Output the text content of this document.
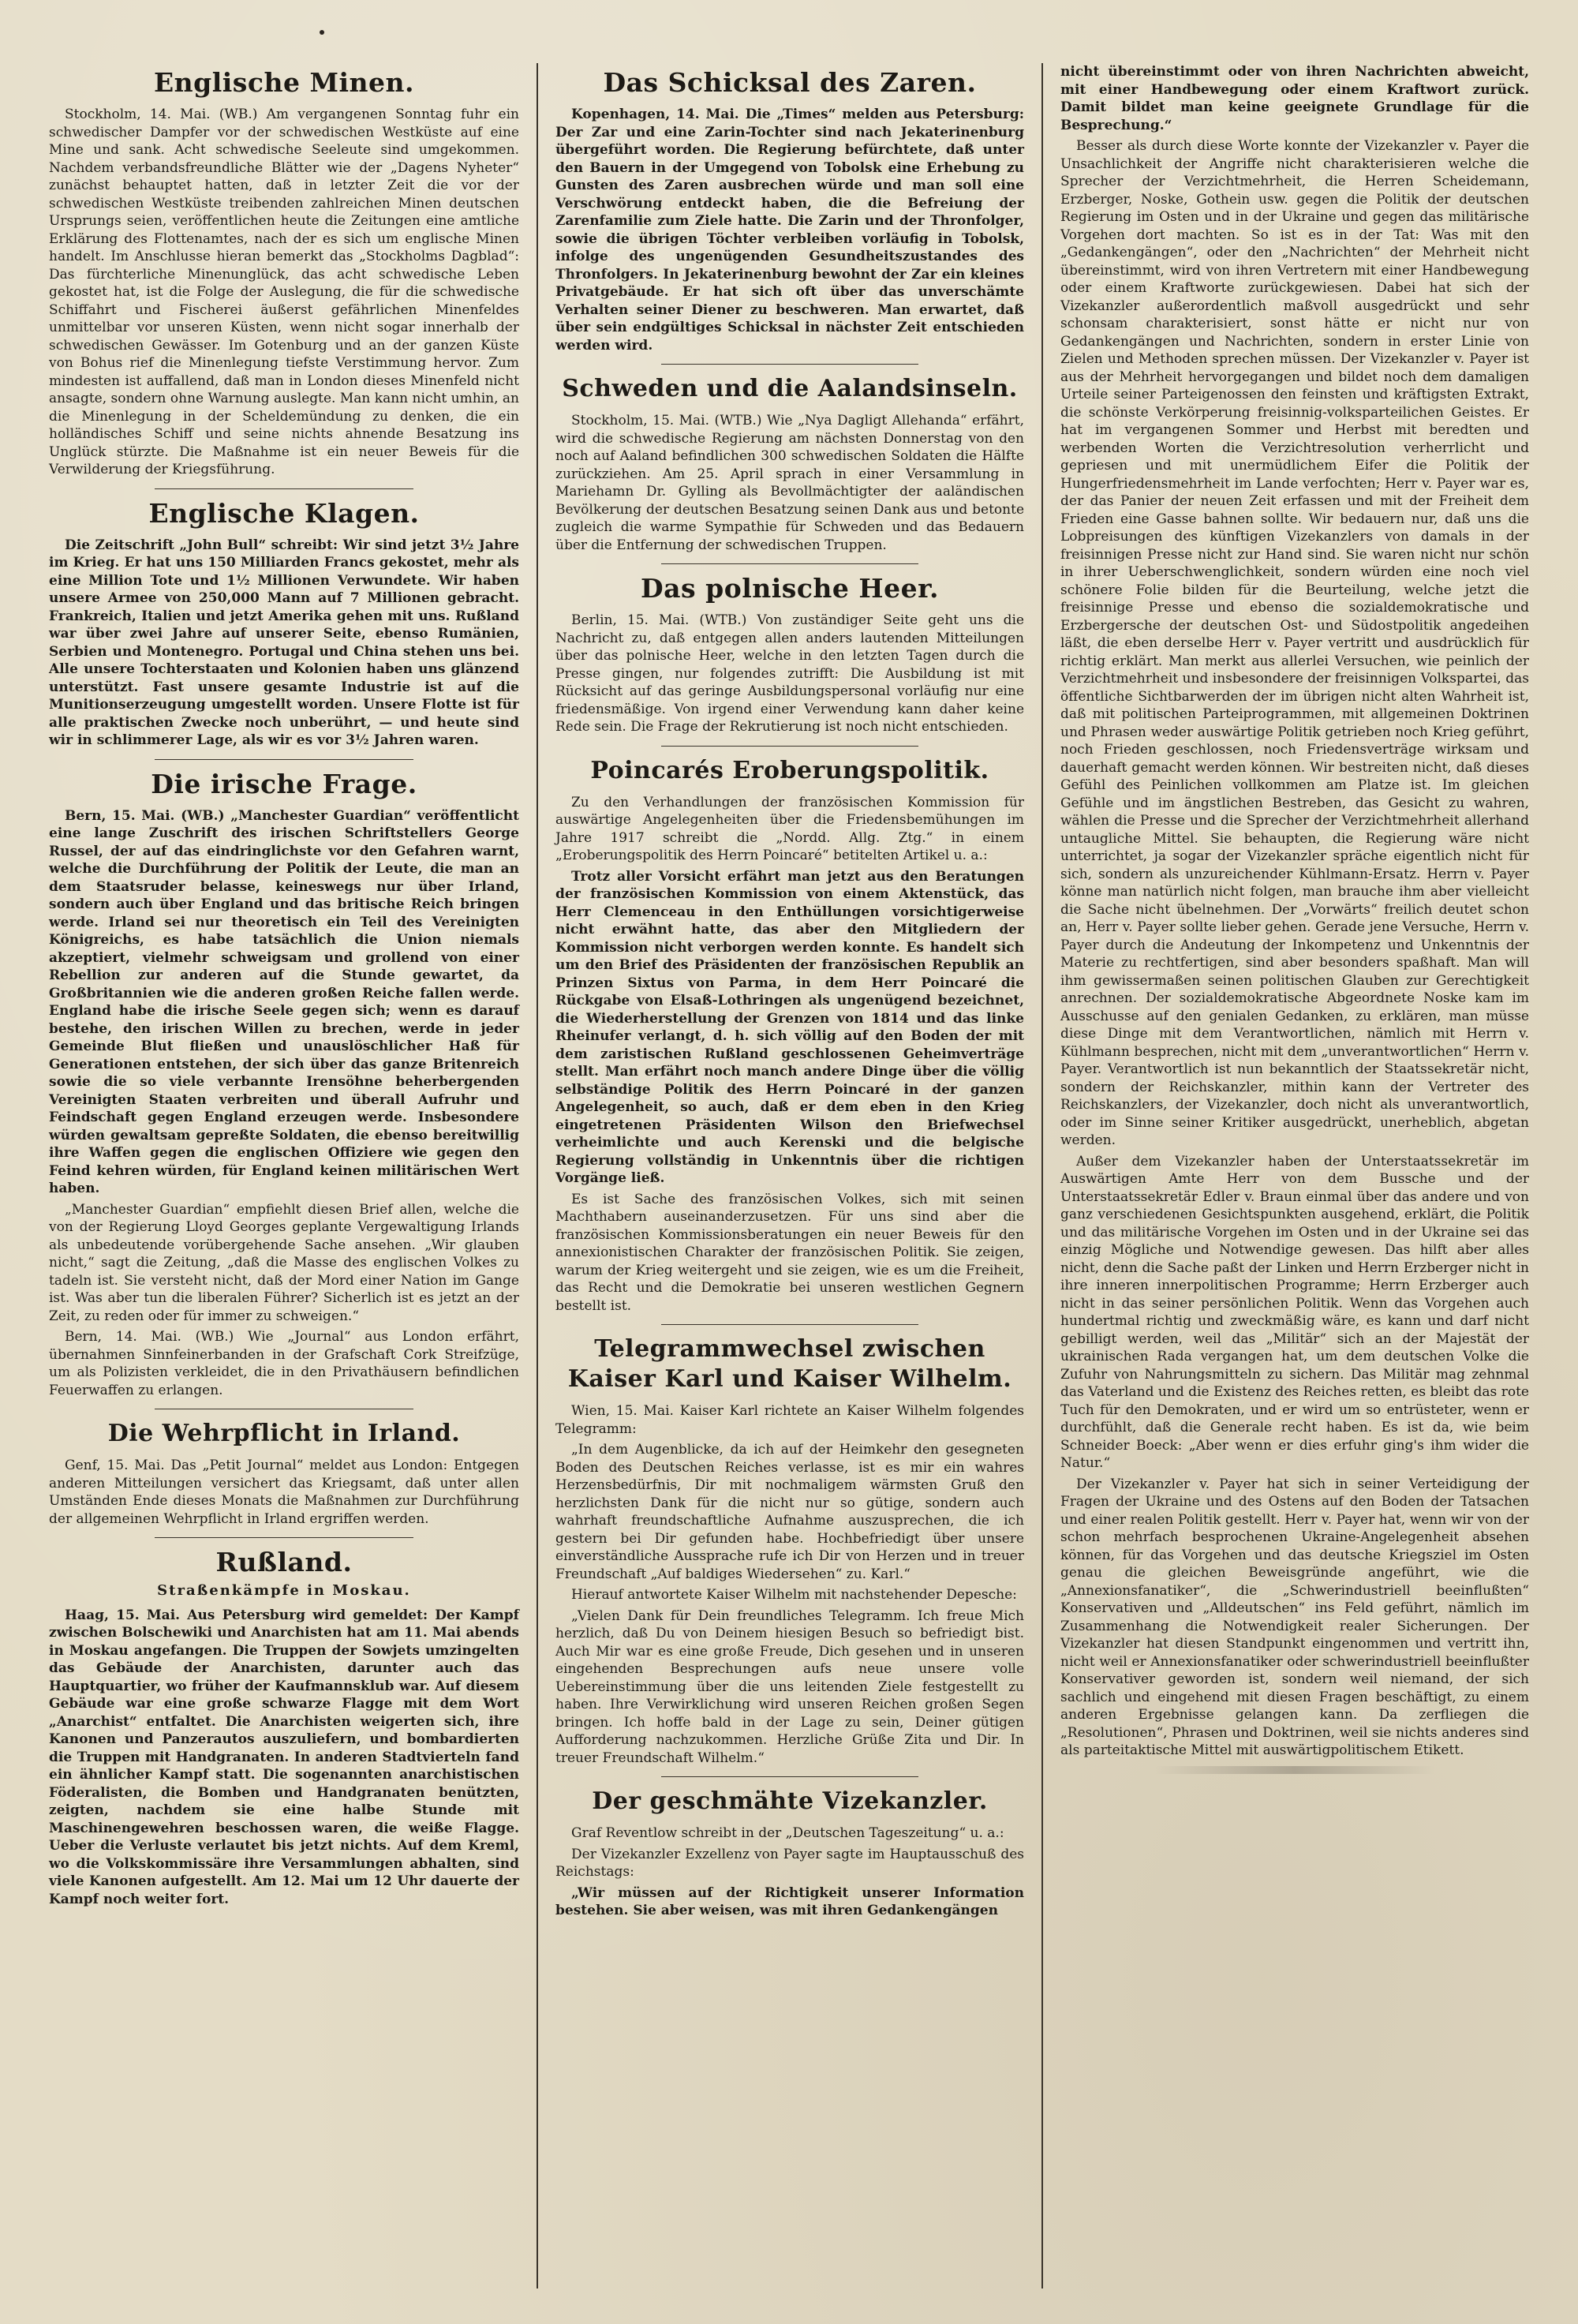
Englische Minen.

Stockholm, 14. Mai. (WB.) Am vergangenen Sonntag fuhr ein schwedischer Dampfer vor der schwedischen Westküste auf eine Mine und sank. Acht schwedische Seeleute sind umgekommen. Nachdem verbandsfreundliche Blätter wie der „Dagens Nyheter“ zunächst behauptet hatten, daß in letzter Zeit die vor der schwedischen Westküste treibenden zahlreichen Minen deutschen Ursprungs seien, veröffentlichen heute die Zeitungen eine amtliche Erklärung des Flottenamtes, nach der es sich um englische Minen handelt. Im Anschlusse hieran bemerkt das „Stockholms Dagblad“: Das fürchterliche Minenunglück, das acht schwedische Leben gekostet hat, ist die Folge der Auslegung, die für die schwedische Schiffahrt und Fischerei äußerst gefährlichen Minenfeldes unmittelbar vor unseren Küsten, wenn nicht sogar innerhalb der schwedischen Gewässer. Im Gotenburg und an der ganzen Küste von Bohus rief die Minenlegung tiefste Verstimmung hervor. Zum mindesten ist auffallend, daß man in London dieses Minenfeld nicht ansagte, sondern ohne Warnung auslegte. Man kann nicht umhin, an die Minenlegung in der Scheldemündung zu denken, die ein holländisches Schiff und seine nichts ahnende Besatzung ins Unglück stürzte. Die Maßnahme ist ein neuer Beweis für die Verwilderung der Kriegsführung.

Englische Klagen.

Die Zeitschrift „John Bull“ schreibt: Wir sind jetzt 3½ Jahre im Krieg. Er hat uns 150 Milliarden Francs gekostet, mehr als eine Million Tote und 1½ Millionen Verwundete. Wir haben unsere Armee von 250,000 Mann auf 7 Millionen gebracht. Frankreich, Italien und jetzt Amerika gehen mit uns. Rußland war über zwei Jahre auf unserer Seite, ebenso Rumänien, Serbien und Montenegro. Portugal und China stehen uns bei. Alle unsere Tochterstaaten und Kolonien haben uns glänzend unterstützt. Fast unsere gesamte Industrie ist auf die Munitionserzeugung umgestellt worden. Unsere Flotte ist für alle praktischen Zwecke noch unberührt, — und heute sind wir in schlimmerer Lage, als wir es vor 3½ Jahren waren.

Die irische Frage.

Bern, 15. Mai. (WB.) „Manchester Guardian“ veröffentlicht eine lange Zuschrift des irischen Schriftstellers George Russel, der auf das eindringlichste vor den Gefahren warnt, welche die Durchführung der Politik der Leute, die man an dem Staatsruder belasse, keineswegs nur über Irland, sondern auch über England und das britische Reich bringen werde. Irland sei nur theoretisch ein Teil des Vereinigten Königreichs, es habe tatsächlich die Union niemals akzeptiert, vielmehr schweigsam und grollend von einer Rebellion zur anderen auf die Stunde gewartet, da Großbritannien wie die anderen großen Reiche fallen werde. England habe die irische Seele gegen sich; wenn es darauf bestehe, den irischen Willen zu brechen, werde in jeder Gemeinde Blut fließen und unauslöschlicher Haß für Generationen entstehen, der sich über das ganze Britenreich sowie die so viele verbannte Irensöhne beherbergenden Vereinigten Staaten verbreiten und überall Aufruhr und Feindschaft gegen England erzeugen werde. Insbesondere würden gewaltsam gepreßte Soldaten, die ebenso bereitwillig ihre Waffen gegen die englischen Offiziere wie gegen den Feind kehren würden, für England keinen militärischen Wert haben.

„Manchester Guardian“ empfiehlt diesen Brief allen, welche die von der Regierung Lloyd Georges geplante Vergewaltigung Irlands als unbedeutende vorübergehende Sache ansehen. „Wir glauben nicht,“ sagt die Zeitung, „daß die Masse des englischen Volkes zu tadeln ist. Sie versteht nicht, daß der Mord einer Nation im Gange ist. Was aber tun die liberalen Führer? Sicherlich ist es jetzt an der Zeit, zu reden oder für immer zu schweigen.“

Bern, 14. Mai. (WB.) Wie „Journal“ aus London erfährt, übernahmen Sinnfeinerbanden in der Grafschaft Cork Streifzüge, um als Polizisten verkleidet, die in den Privathäusern befindlichen Feuerwaffen zu erlangen.

Die Wehrpflicht in Irland.

Genf, 15. Mai. Das „Petit Journal“ meldet aus London: Entgegen anderen Mitteilungen versichert das Kriegsamt, daß unter allen Umständen Ende dieses Monats die Maßnahmen zur Durchführung der allgemeinen Wehrpflicht in Irland ergriffen werden.

Rußland.
Straßenkämpfe in Moskau.

Haag, 15. Mai. Aus Petersburg wird gemeldet: Der Kampf zwischen Bolschewiki und Anarchisten hat am 11. Mai abends in Moskau angefangen. Die Truppen der Sowjets umzingelten das Gebäude der Anarchisten, darunter auch das Hauptquartier, wo früher der Kaufmannsklub war. Auf diesem Gebäude war eine große schwarze Flagge mit dem Wort „Anarchist“ entfaltet. Die Anarchisten weigerten sich, ihre Kanonen und Panzerautos auszuliefern, und bombardierten die Truppen mit Handgranaten. In anderen Stadtvierteln fand ein ähnlicher Kampf statt. Die sogenannten anarchistischen Föderalisten, die Bomben und Handgranaten benützten, zeigten, nachdem sie eine halbe Stunde mit Maschinengewehren beschossen waren, die weiße Flagge. Ueber die Verluste verlautet bis jetzt nichts. Auf dem Kreml, wo die Volkskommissäre ihre Versammlungen abhalten, sind viele Kanonen aufgestellt. Am 12. Mai um 12 Uhr dauerte der Kampf noch weiter fort.

Das Schicksal des Zaren.

Kopenhagen, 14. Mai. Die „Times“ melden aus Petersburg: Der Zar und eine Zarin-Tochter sind nach Jekaterinenburg übergeführt worden. Die Regierung befürchtete, daß unter den Bauern in der Umgegend von Tobolsk eine Erhebung zu Gunsten des Zaren ausbrechen würde und man soll eine Verschwörung entdeckt haben, die die Befreiung der Zarenfamilie zum Ziele hatte. Die Zarin und der Thronfolger, sowie die übrigen Töchter verbleiben vorläufig in Tobolsk, infolge des ungenügenden Gesundheitszustandes des Thronfolgers. In Jekaterinenburg bewohnt der Zar ein kleines Privatgebäude. Er hat sich oft über das unverschämte Verhalten seiner Diener zu beschweren. Man erwartet, daß über sein endgültiges Schicksal in nächster Zeit entschieden werden wird.

Schweden und die Aalandsinseln.

Stockholm, 15. Mai. (WTB.) Wie „Nya Dagligt Allehanda“ erfährt, wird die schwedische Regierung am nächsten Donnerstag von den noch auf Aaland befindlichen 300 schwedischen Soldaten die Hälfte zurückziehen. Am 25. April sprach in einer Versammlung in Mariehamn Dr. Gylling als Bevollmächtigter der aaländischen Bevölkerung der deutschen Besatzung seinen Dank aus und betonte zugleich die warme Sympathie für Schweden und das Bedauern über die Entfernung der schwedischen Truppen.

Das polnische Heer.

Berlin, 15. Mai. (WTB.) Von zuständiger Seite geht uns die Nachricht zu, daß entgegen allen anders lautenden Mitteilungen über das polnische Heer, welche in den letzten Tagen durch die Presse gingen, nur folgendes zutrifft: Die Ausbildung ist mit Rücksicht auf das geringe Ausbildungspersonal vorläufig nur eine friedensmäßige. Von irgend einer Verwendung kann daher keine Rede sein. Die Frage der Rekrutierung ist noch nicht entschieden.

Poincarés Eroberungspolitik.

Zu den Verhandlungen der französischen Kommission für auswärtige Angelegenheiten über die Friedensbemühungen im Jahre 1917 schreibt die „Nordd. Allg. Ztg.“ in einem „Eroberungspolitik des Herrn Poincaré“ betitelten Artikel u. a.:

Trotz aller Vorsicht erfährt man jetzt aus den Beratungen der französischen Kommission von einem Aktenstück, das Herr Clemenceau in den Enthüllungen vorsichtigerweise nicht erwähnt hatte, das aber den Mitgliedern der Kommission nicht verborgen werden konnte. Es handelt sich um den Brief des Präsidenten der französischen Republik an Prinzen Sixtus von Parma, in dem Herr Poincaré die Rückgabe von Elsaß-Lothringen als ungenügend bezeichnet, die Wiederherstellung der Grenzen von 1814 und das linke Rheinufer verlangt, d. h. sich völlig auf den Boden der mit dem zaristischen Rußland geschlossenen Geheimverträge stellt. Man erfährt noch manch andere Dinge über die völlig selbständige Politik des Herrn Poincaré in der ganzen Angelegenheit, so auch, daß er dem eben in den Krieg eingetretenen Präsidenten Wilson den Briefwechsel verheimlichte und auch Kerenski und die belgische Regierung vollständig in Unkenntnis über die richtigen Vorgänge ließ.

Es ist Sache des französischen Volkes, sich mit seinen Machthabern auseinanderzusetzen. Für uns sind aber die französischen Kommissionsberatungen ein neuer Beweis für den annexionistischen Charakter der französischen Politik. Sie zeigen, warum der Krieg weitergeht und sie zeigen, wie es um die Freiheit, das Recht und die Demokratie bei unseren westlichen Gegnern bestellt ist.

Telegrammwechsel zwischen Kaiser Karl und Kaiser Wilhelm.

Wien, 15. Mai. Kaiser Karl richtete an Kaiser Wilhelm folgendes Telegramm:

„In dem Augenblicke, da ich auf der Heimkehr den gesegneten Boden des Deutschen Reiches verlasse, ist es mir ein wahres Herzensbedürfnis, Dir mit nochmaligem wärmsten Gruß den herzlichsten Dank für die nicht nur so gütige, sondern auch wahrhaft freundschaftliche Aufnahme auszusprechen, die ich gestern bei Dir gefunden habe. Hochbefriedigt über unsere einverständliche Aussprache rufe ich Dir von Herzen und in treuer Freundschaft „Auf baldiges Wiedersehen“ zu. Karl.“

Hierauf antwortete Kaiser Wilhelm mit nachstehender Depesche:

„Vielen Dank für Dein freundliches Telegramm. Ich freue Mich herzlich, daß Du von Deinem hiesigen Besuch so befriedigt bist. Auch Mir war es eine große Freude, Dich gesehen und in unseren eingehenden Besprechungen aufs neue unsere volle Uebereinstimmung über die uns leitenden Ziele festgestellt zu haben. Ihre Verwirklichung wird unseren Reichen großen Segen bringen. Ich hoffe bald in der Lage zu sein, Deiner gütigen Aufforderung nachzukommen. Herzliche Grüße Zita und Dir. In treuer Freundschaft Wilhelm.“

Der geschmähte Vizekanzler.

Graf Reventlow schreibt in der „Deutschen Tageszeitung“ u. a.:

Der Vizekanzler Exzellenz von Payer sagte im Hauptausschuß des Reichstags:

„Wir müssen auf der Richtigkeit unserer Information bestehen. Sie aber weisen, was mit ihren Gedankengängen

nicht übereinstimmt oder von ihren Nachrichten abweicht, mit einer Handbewegung oder einem Kraftwort zurück. Damit bildet man keine geeignete Grundlage für die Besprechung.“

Besser als durch diese Worte konnte der Vizekanzler v. Payer die Unsachlichkeit der Angriffe nicht charakterisieren welche die Sprecher der Verzichtmehrheit, die Herren Scheidemann, Erzberger, Noske, Gothein usw. gegen die Politik der deutschen Regierung im Osten und in der Ukraine und gegen das militärische Vorgehen dort machten. So ist es in der Tat: Was mit den „Gedankengängen“, oder den „Nachrichten“ der Mehrheit nicht übereinstimmt, wird von ihren Vertretern mit einer Handbewegung oder einem Kraftworte zurückgewiesen. Dabei hat sich der Vizekanzler außerordentlich maßvoll ausgedrückt und sehr schonsam charakterisiert, sonst hätte er nicht nur von Gedankengängen und Nachrichten, sondern in erster Linie von Zielen und Methoden sprechen müssen. Der Vizekanzler v. Payer ist aus der Mehrheit hervorgegangen und bildet noch dem damaligen Urteile seiner Parteigenossen den feinsten und kräftigsten Extrakt, die schönste Verkörperung freisinnig-volksparteilichen Geistes. Er hat im vergangenen Sommer und Herbst mit beredten und werbenden Worten die Verzichtresolution verherrlicht und gepriesen und mit unermüdlichem Eifer die Politik der Hungerfriedensmehrheit im Lande verfochten; Herr v. Payer war es, der das Panier der neuen Zeit erfassen und mit der Freiheit dem Frieden eine Gasse bahnen sollte. Wir bedauern nur, daß uns die Lobpreisungen des künftigen Vizekanzlers von damals in der freisinnigen Presse nicht zur Hand sind. Sie waren nicht nur schön in ihrer Ueberschwenglichkeit, sondern würden eine noch viel schönere Folie bilden für die Beurteilung, welche jetzt die freisinnige Presse und ebenso die sozialdemokratische und Erzbergersche der deutschen Ost- und Südostpolitik angedeihen läßt, die eben derselbe Herr v. Payer vertritt und ausdrücklich für richtig erklärt. Man merkt aus allerlei Versuchen, wie peinlich der Verzichtmehrheit und insbesondere der freisinnigen Volkspartei, das öffentliche Sichtbarwerden der im übrigen nicht alten Wahrheit ist, daß mit politischen Parteiprogrammen, mit allgemeinen Doktrinen und Phrasen weder auswärtige Politik getrieben noch Krieg geführt, noch Frieden geschlossen, noch Friedensverträge wirksam und dauerhaft gemacht werden können. Wir bestreiten nicht, daß dieses Gefühl des Peinlichen vollkommen am Platze ist. Im gleichen Gefühle und im ängstlichen Bestreben, das Gesicht zu wahren, wählen die Presse und die Sprecher der Verzichtmehrheit allerhand untaugliche Mittel. Sie behaupten, die Regierung wäre nicht unterrichtet, ja sogar der Vizekanzler spräche eigentlich nicht für sich, sondern als unzureichender Kühlmann-Ersatz. Herrn v. Payer könne man natürlich nicht folgen, man brauche ihm aber vielleicht die Sache nicht übelnehmen. Der „Vorwärts“ freilich deutet schon an, Herr v. Payer sollte lieber gehen. Gerade jene Versuche, Herrn v. Payer durch die Andeutung der Inkompetenz und Unkenntnis der Materie zu rechtfertigen, sind aber besonders spaßhaft. Man will ihm gewissermaßen seinen politischen Glauben zur Gerechtigkeit anrechnen. Der sozialdemokratische Abgeordnete Noske kam im Ausschusse auf den genialen Gedanken, zu erklären, man müsse diese Dinge mit dem Verantwortlichen, nämlich mit Herrn v. Kühlmann besprechen, nicht mit dem „unverantwortlichen“ Herrn v. Payer. Verantwortlich ist nun bekanntlich der Staatssekretär nicht, sondern der Reichskanzler, mithin kann der Vertreter des Reichskanzlers, der Vizekanzler, doch nicht als unverantwortlich, oder im Sinne seiner Kritiker ausgedrückt, unerheblich, abgetan werden.

Außer dem Vizekanzler haben der Unterstaatssekretär im Auswärtigen Amte Herr von dem Bussche und der Unterstaatssekretär Edler v. Braun einmal über das andere und von ganz verschiedenen Gesichtspunkten ausgehend, erklärt, die Politik und das militärische Vorgehen im Osten und in der Ukraine sei das einzig Mögliche und Notwendige gewesen. Das hilft aber alles nicht, denn die Sache paßt der Linken und Herrn Erzberger nicht in ihre inneren innerpolitischen Programme; Herrn Erzberger auch nicht in das seiner persönlichen Politik. Wenn das Vorgehen auch hundertmal richtig und zweckmäßig wäre, es kann und darf nicht gebilligt werden, weil das „Militär“ sich an der Majestät der ukrainischen Rada vergangen hat, um dem deutschen Volke die Zufuhr von Nahrungsmitteln zu sichern. Das Militär mag zehnmal das Vaterland und die Existenz des Reiches retten, es bleibt das rote Tuch für den Demokraten, und er wird um so entrüsteter, wenn er durchfühlt, daß die Generale recht haben. Es ist da, wie beim Schneider Boeck: „Aber wenn er dies erfuhr ging's ihm wider die Natur.“

Der Vizekanzler v. Payer hat sich in seiner Verteidigung der Fragen der Ukraine und des Ostens auf den Boden der Tatsachen und einer realen Politik gestellt. Herr v. Payer hat, wenn wir von der schon mehrfach besprochenen Ukraine-Angelegenheit absehen können, für das Vorgehen und das deutsche Kriegsziel im Osten genau die gleichen Beweisgründe angeführt, wie die „Annexionsfanatiker“, die „Schwerindustriell beeinflußten“ Konservativen und „Alldeutschen“ ins Feld geführt, nämlich im Zusammenhang die Notwendigkeit realer Sicherungen. Der Vizekanzler hat diesen Standpunkt eingenommen und vertritt ihn, nicht weil er Annexionsfanatiker oder schwerindustriell beeinflußter Konservativer geworden ist, sondern weil niemand, der sich sachlich und eingehend mit diesen Fragen beschäftigt, zu einem anderen Ergebnisse gelangen kann. Da zerfliegen die „Resolutionen“, Phrasen und Doktrinen, weil sie nichts anderes sind als parteitaktische Mittel mit auswärtigpolitischem Etikett.
